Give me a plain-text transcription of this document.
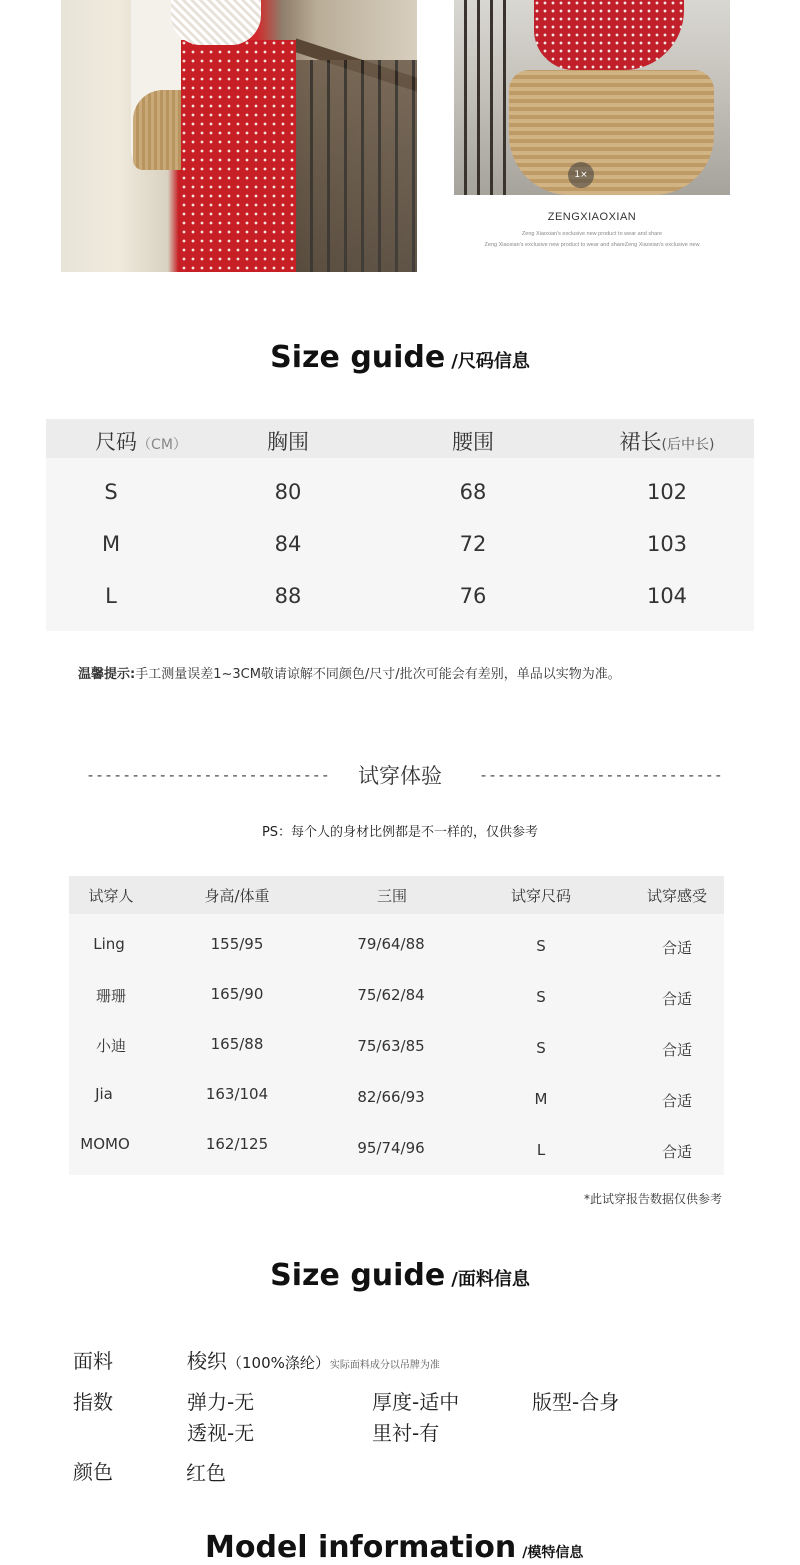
1×
ZENGXIAOXIAN
Zeng Xiaoxian's exclusive new product to wear and share
Zeng Xiaoxian's exclusive new product to wear and shareZeng Xiaoxian's exclusive new
Size guide /尺码信息
尺码（CM）	胸围	腰围	裙长(后中长)
S	80	68	102
M	84	72	103
L	88	76	104
温馨提示:手工测量误差1~3CM敬请谅解不同颜色/尺寸/批次可能会有差别，单品以实物为准。
---------------------------	试穿体验	---------------------------
PS：每个人的身材比例都是不一样的，仅供参考
试穿人	身高/体重	三围	试穿尺码	试穿感受
Ling	155/95	79/64/88	S	合适
珊珊	165/90	75/62/84	S	合适
小迪	165/88	75/63/85	S	合适
Jia	163/104	82/66/93	M	合适
MOMO	162/125	95/74/96	L	合适
*此试穿报告数据仅供参考
Size guide /面料信息
面料	梭织（100%涤纶）实际面料成分以吊牌为准
指数	弹力-无	厚度-适中	版型-合身
透视-无	里衬-有
颜色	红色
Model information /模特信息
